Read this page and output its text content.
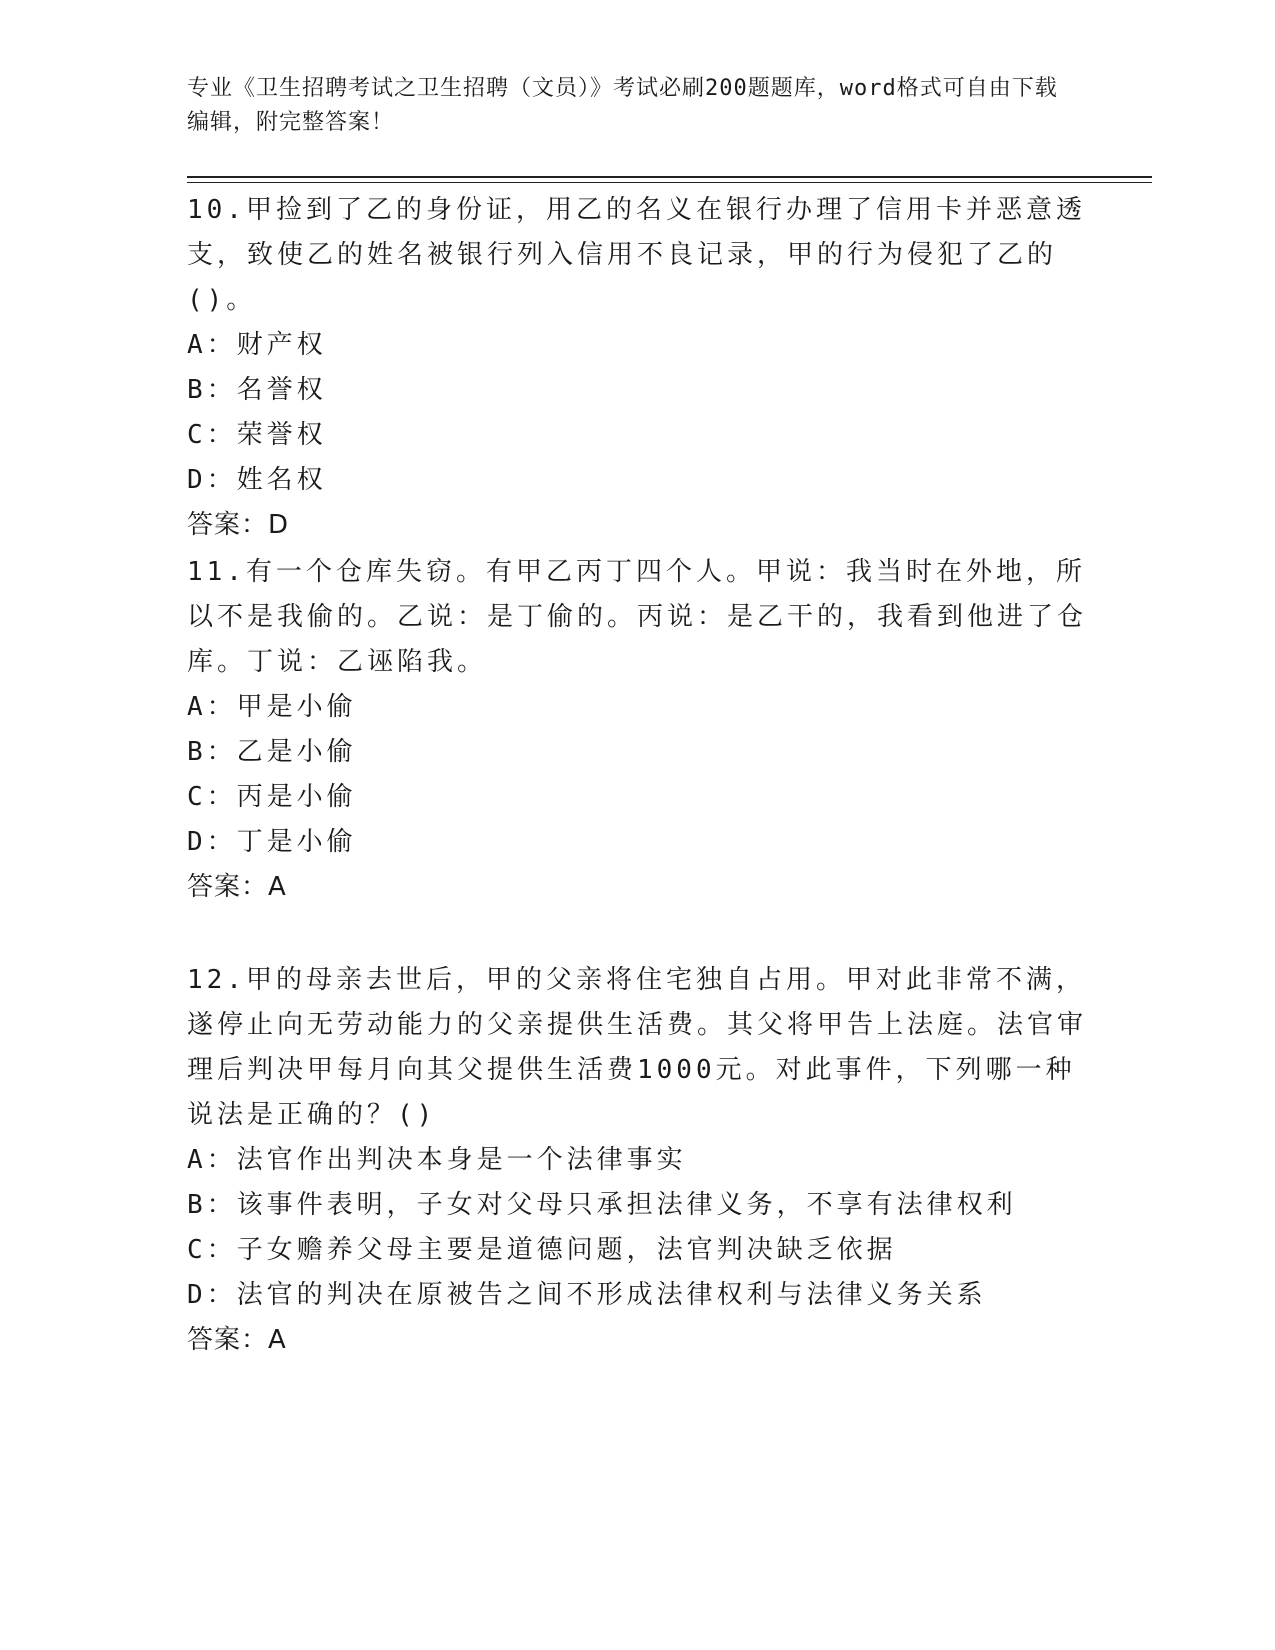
专业《卫生招聘考试之卫生招聘（文员）》考试必刷200题题库，word格式可自由下载编辑，附完整答案！

10.甲捡到了乙的身份证，用乙的名义在银行办理了信用卡并恶意透支，致使乙的姓名被银行列入信用不良记录，甲的行为侵犯了乙的()。

A：财产权

B：名誉权

C：荣誉权

D：姓名权

答案：D

11.有一个仓库失窃。有甲乙丙丁四个人。甲说：我当时在外地，所以不是我偷的。乙说：是丁偷的。丙说：是乙干的，我看到他进了仓库。丁说：乙诬陷我。

A：甲是小偷

B：乙是小偷

C：丙是小偷

D：丁是小偷

答案：A

12.甲的母亲去世后，甲的父亲将住宅独自占用。甲对此非常不满，遂停止向无劳动能力的父亲提供生活费。其父将甲告上法庭。法官审理后判决甲每月向其父提供生活费1000元。对此事件，下列哪一种说法是正确的？()

A：法官作出判决本身是一个法律事实

B：该事件表明，子女对父母只承担法律义务，不享有法律权利

C：子女赡养父母主要是道德问题，法官判决缺乏依据

D：法官的判决在原被告之间不形成法律权利与法律义务关系

答案：A
